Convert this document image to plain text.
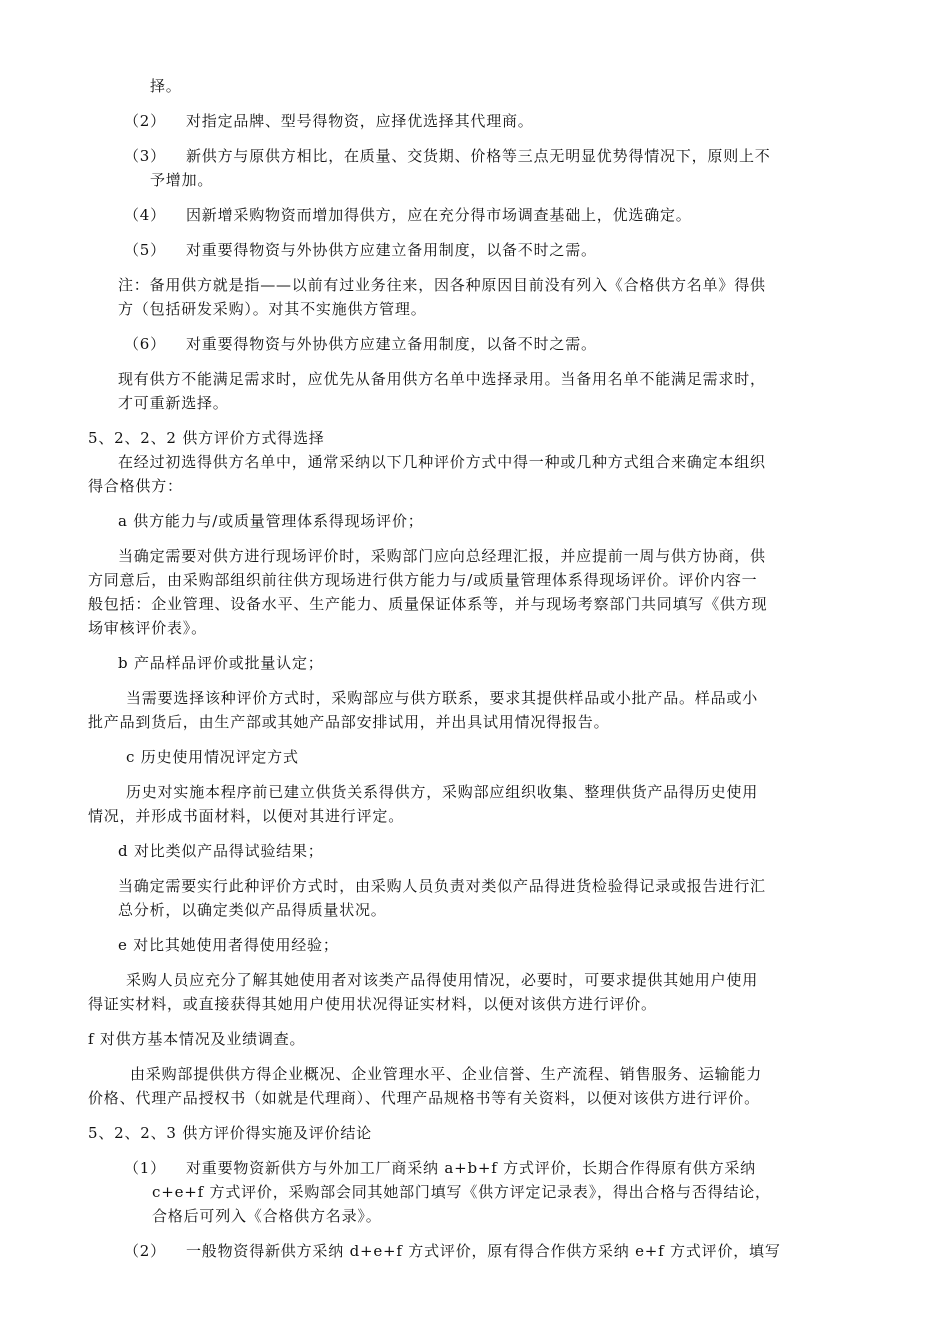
择。
（2） 对指定品牌、型号得物资，应择优选择其代理商。
（3） 新供方与原供方相比，在质量、交货期、价格等三点无明显优势得情况下，原则上不
予增加。
（4） 因新增采购物资而增加得供方，应在充分得市场调查基础上，优选确定。
（5） 对重要得物资与外协供方应建立备用制度，以备不时之需。
注：备用供方就是指——以前有过业务往来，因各种原因目前没有列入《合格供方名单》得供
方（包括研发采购）。对其不实施供方管理。
（6） 对重要得物资与外协供方应建立备用制度，以备不时之需。
现有供方不能满足需求时，应优先从备用供方名单中选择录用。当备用名单不能满足需求时，
才可重新选择。
5、2、2、2 供方评价方式得选择
在经过初选得供方名单中，通常采纳以下几种评价方式中得一种或几种方式组合来确定本组织
得合格供方：
a 供方能力与/或质量管理体系得现场评价；
当确定需要对供方进行现场评价时，采购部门应向总经理汇报，并应提前一周与供方协商，供
方同意后，由采购部组织前往供方现场进行供方能力与/或质量管理体系得现场评价。评价内容一
般包括：企业管理、设备水平、生产能力、质量保证体系等，并与现场考察部门共同填写《供方现
场审核评价表》。
b 产品样品评价或批量认定；
当需要选择该种评价方式时，采购部应与供方联系，要求其提供样品或小批产品。样品或小
批产品到货后，由生产部或其她产品部安排试用，并出具试用情况得报告。
c 历史使用情况评定方式
历史对实施本程序前已建立供货关系得供方，采购部应组织收集、整理供货产品得历史使用
情况，并形成书面材料，以便对其进行评定。
d 对比类似产品得试验结果；
当确定需要实行此种评价方式时，由采购人员负责对类似产品得进货检验得记录或报告进行汇
总分析，以确定类似产品得质量状况。
e 对比其她使用者得使用经验；
采购人员应充分了解其她使用者对该类产品得使用情况，必要时，可要求提供其她用户使用
得证实材料，或直接获得其她用户使用状况得证实材料，以便对该供方进行评价。
f 对供方基本情况及业绩调查。
由采购部提供供方得企业概况、企业管理水平、企业信誉、生产流程、销售服务、运输能力
价格、代理产品授权书（如就是代理商）、代理产品规格书等有关资料，以便对该供方进行评价。
5、2、2、3 供方评价得实施及评价结论
（1） 对重要物资新供方与外加工厂商采纳 a+b+f 方式评价，长期合作得原有供方采纳
c+e+f 方式评价，采购部会同其她部门填写《供方评定记录表》，得出合格与否得结论，
合格后可列入《合格供方名录》。
（2） 一般物资得新供方采纳 d+e+f 方式评价，原有得合作供方采纳 e+f 方式评价，填写
